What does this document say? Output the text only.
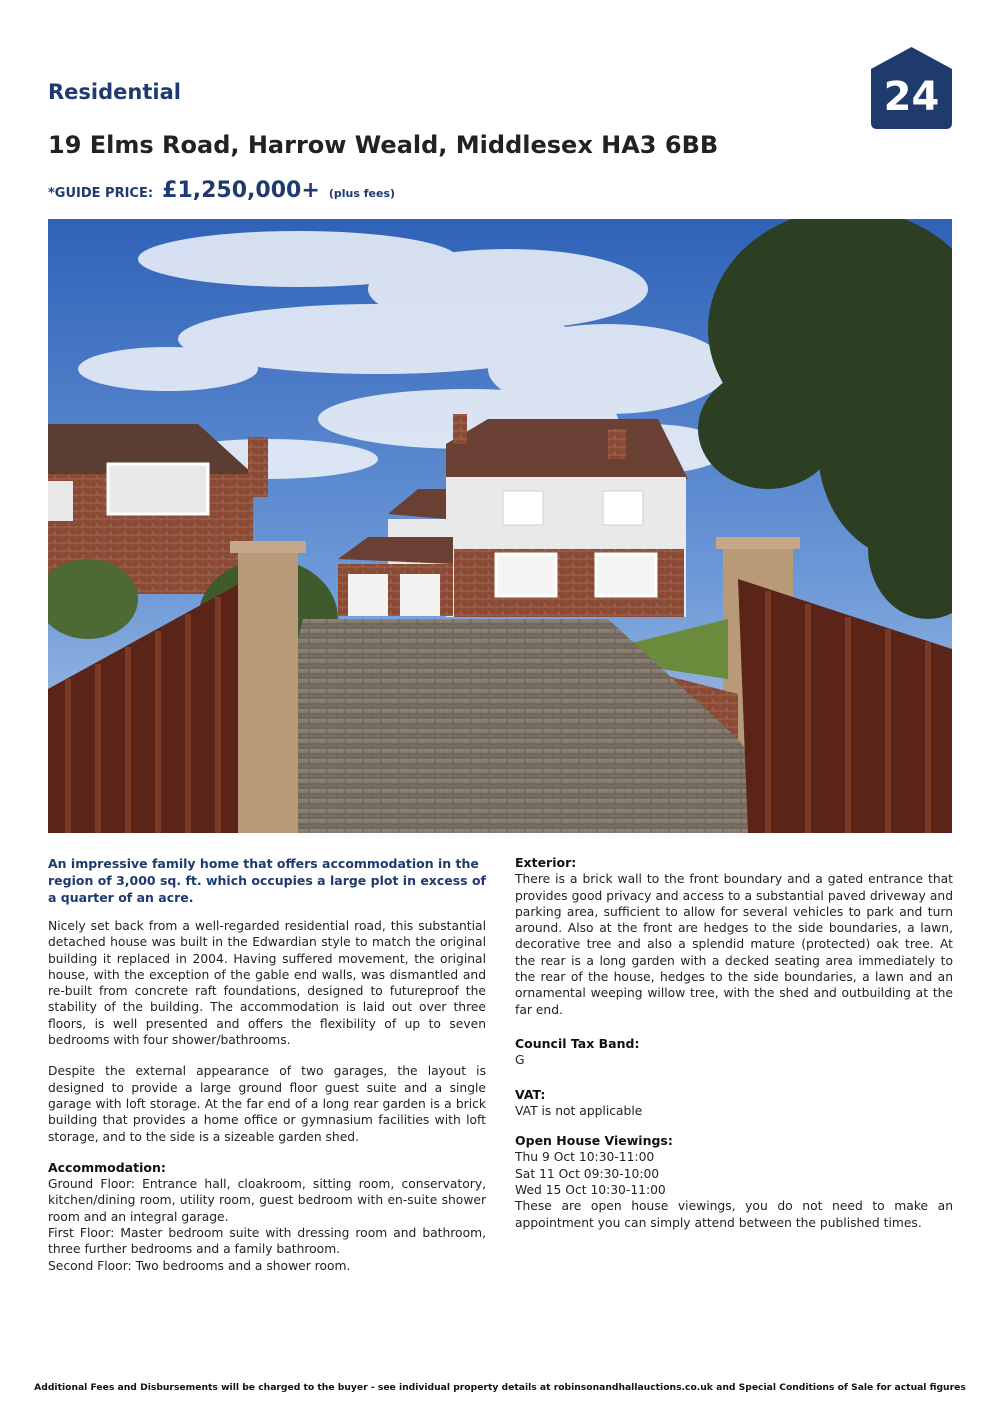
Residential	24
19 Elms Road, Harrow Weald, Middlesex HA3 6BB
*GUIDE PRICE: £1,250,000+ (plus fees)

An impressive family home that offers accommodation in the region of 3,000 sq. ft. which occupies a large plot in excess of a quarter of an acre.

Nicely set back from a well-regarded residential road, this substantial detached house was built in the Edwardian style to match the original building it replaced in 2004. Having suffered movement, the original house, with the exception of the gable end walls, was dismantled and re-built from concrete raft foundations, designed to futureproof the stability of the building. The accommodation is laid out over three floors, is well presented and offers the flexibility of up to seven bedrooms with four shower/bathrooms.

Despite the external appearance of two garages, the layout is designed to provide a large ground floor guest suite and a single garage with loft storage. At the far end of a long rear garden is a brick building that provides a home office or gymnasium facilities with loft storage, and to the side is a sizeable garden shed.

Accommodation:

Ground Floor: Entrance hall, cloakroom, sitting room, conservatory, kitchen/dining room, utility room, guest bedroom with en-suite shower room and an integral garage.

First Floor: Master bedroom suite with dressing room and bathroom, three further bedrooms and a family bathroom.

Second Floor: Two bedrooms and a shower room.

Exterior:

There is a brick wall to the front boundary and a gated entrance that provides good privacy and access to a substantial paved driveway and parking area, sufficient to allow for several vehicles to park and turn around. Also at the front are hedges to the side boundaries, a lawn, decorative tree and also a splendid mature (protected) oak tree. At the rear is a long garden with a decked seating area immediately to the rear of the house, hedges to the side boundaries, a lawn and an ornamental weeping willow tree, with the shed and outbuilding at the far end.

Council Tax Band:

G

VAT:

VAT is not applicable

Open House Viewings:

Thu 9 Oct 10:30-11:00

Sat 11 Oct 09:30-10:00

Wed 15 Oct 10:30-11:00

These are open house viewings, you do not need to make an appointment you can simply attend between the published times.

Additional Fees and Disbursements will be charged to the buyer - see individual property details at robinsonandhallauctions.co.uk and Special Conditions of Sale for actual figures
